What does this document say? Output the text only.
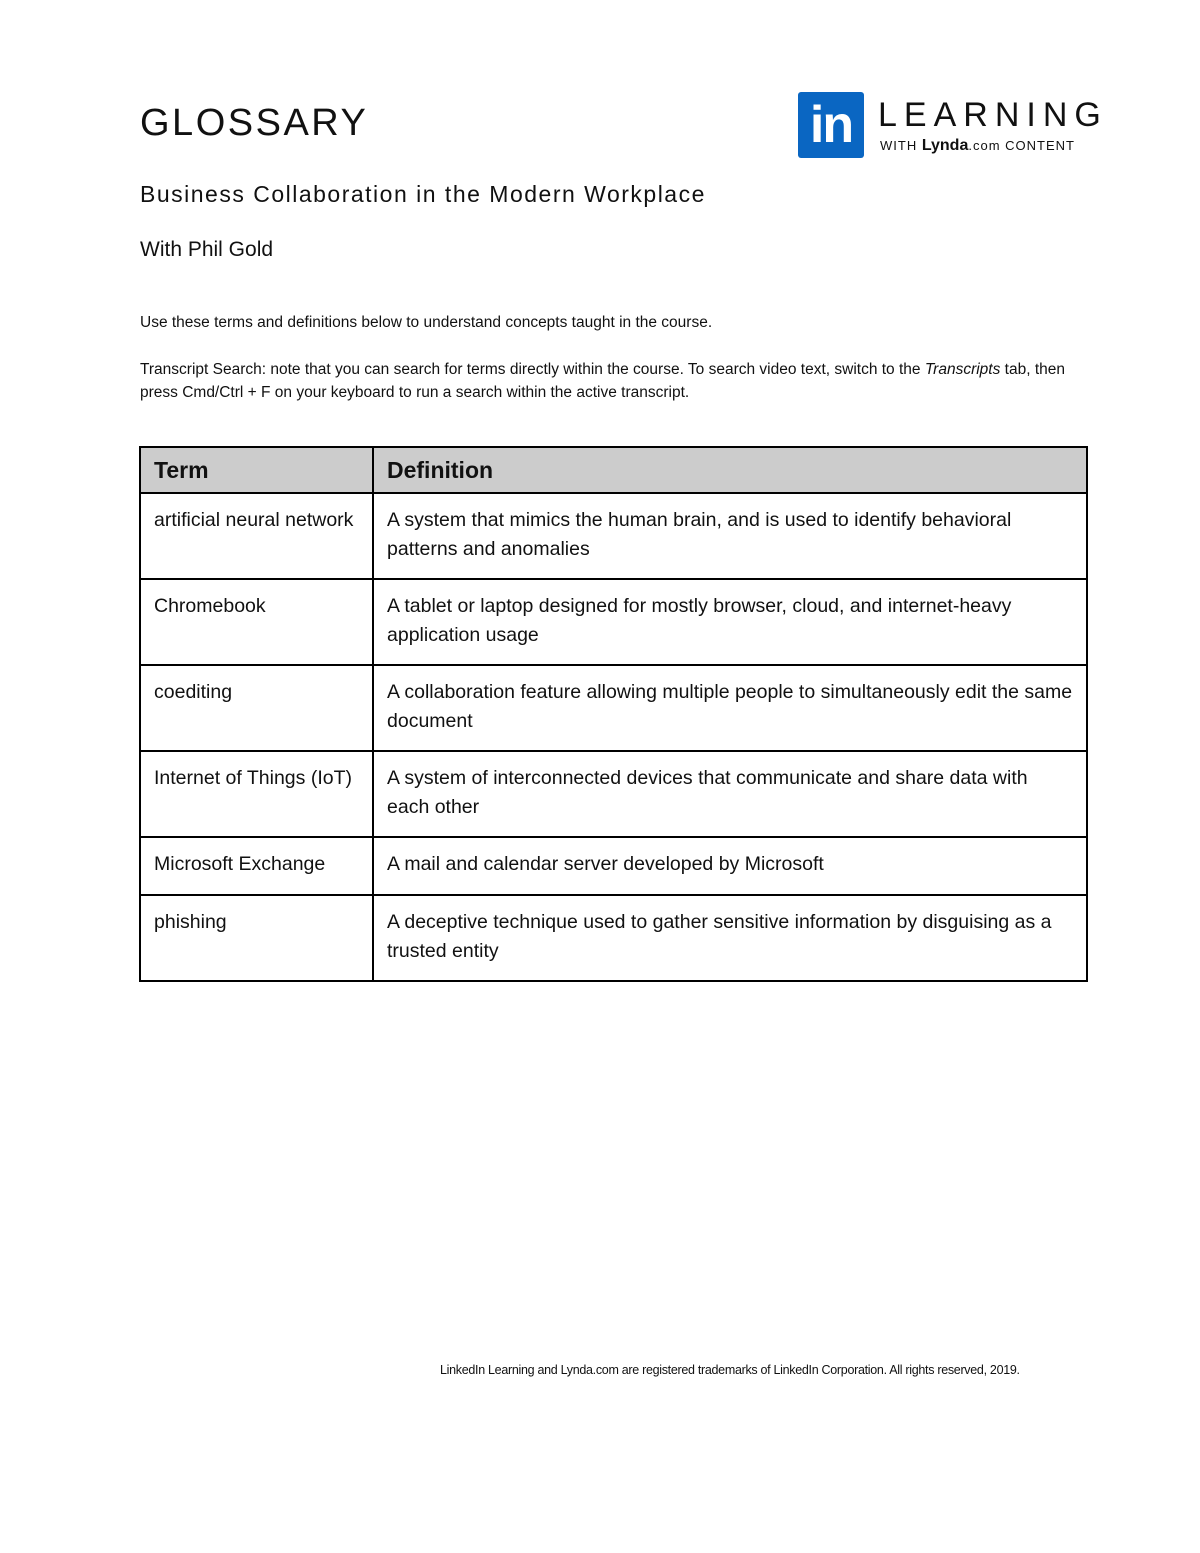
GLOSSARY	in LEARNING
WITH Lynda.com CONTENT
Business Collaboration in the Modern Workplace
With Phil Gold
Use these terms and definitions below to understand concepts taught in the course.
Transcript Search: note that you can search for terms directly within the course. To search video text, switch to the Transcripts tab, then press Cmd/Ctrl + F on your keyboard to run a search within the active transcript.
Term	Definition
artificial neural network	A system that mimics the human brain, and is used to identify behavioral patterns and anomalies
Chromebook	A tablet or laptop designed for mostly browser, cloud, and internet-heavy application usage
coediting	A collaboration feature allowing multiple people to simultaneously edit the same document
Internet of Things (IoT)	A system of interconnected devices that communicate and share data with each other
Microsoft Exchange	A mail and calendar server developed by Microsoft
phishing	A deceptive technique used to gather sensitive information by disguising as a trusted entity
LinkedIn Learning and Lynda.com are registered trademarks of LinkedIn Corporation. All rights reserved, 2019.
